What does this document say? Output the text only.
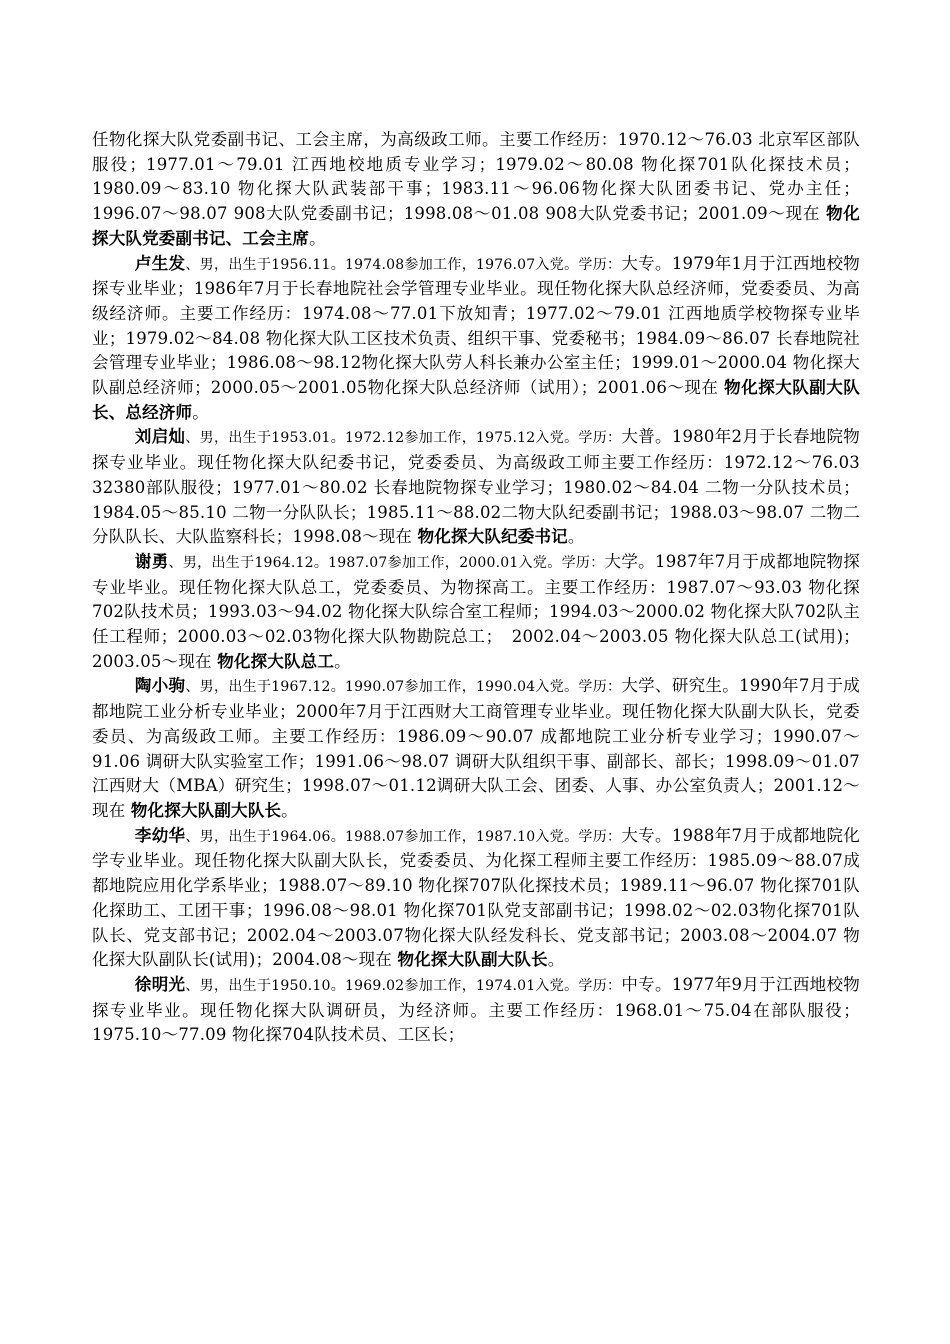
任物化探大队党委副书记、工会主席，为高级政工师。主要工作经历：1970.12～76.03 北京军区部队服役；1977.01～79.01 江西地校地质专业学习；1979.02～80.08 物化探701队化探技术员；1980.09～83.10 物化探大队武装部干事；1983.11～96.06物化探大队团委书记、党办主任；1996.07～98.07 908大队党委副书记；1998.08～01.08 908大队党委书记；2001.09～现在 物化探大队党委副书记、工会主席。

卢生发、男，出生于1956.11。1974.08参加工作，1976.07入党。学历：大专。1979年1月于江西地校物探专业毕业；1986年7月于长春地院社会学管理专业毕业。现任物化探大队总经济师，党委委员、为高级经济师。主要工作经历：1974.08～77.01下放知青；1977.02～79.01 江西地质学校物探专业毕业；1979.02～84.08 物化探大队工区技术负责、组织干事、党委秘书；1984.09～86.07 长春地院社会管理专业毕业；1986.08～98.12物化探大队劳人科长兼办公室主任；1999.01～2000.04 物化探大队副总经济师；2000.05～2001.05物化探大队总经济师（试用）；2001.06～现在 物化探大队副大队长、总经济师。

刘启灿、男，出生于1953.01。1972.12参加工作，1975.12入党。学历：大普。1980年2月于长春地院物探专业毕业。现任物化探大队纪委书记，党委委员、为高级政工师主要工作经历：1972.12～76.03 32380部队服役；1977.01～80.02 长春地院物探专业学习；1980.02～84.04 二物一分队技术员；1984.05～85.10 二物一分队队长；1985.11～88.02二物大队纪委副书记；1988.03～98.07 二物二分队队长、大队监察科长；1998.08～现在 物化探大队纪委书记。

谢勇、男，出生于1964.12。1987.07参加工作，2000.01入党。学历：大学。1987年7月于成都地院物探专业毕业。现任物化探大队总工，党委委员、为物探高工。主要工作经历：1987.07～93.03 物化探702队技术员；1993.03～94.02 物化探大队综合室工程师；1994.03～2000.02 物化探大队702队主任工程师；2000.03～02.03物化探大队物勘院总工；　2002.04～2003.05 物化探大队总工(试用)；2003.05～现在 物化探大队总工。

陶小驹、男，出生于1967.12。1990.07参加工作，1990.04入党。学历：大学、研究生。1990年7月于成都地院工业分析专业毕业；2000年7月于江西财大工商管理专业毕业。现任物化探大队副大队长，党委委员、为高级政工师。主要工作经历：1986.09～90.07 成都地院工业分析专业学习；1990.07～91.06 调研大队实验室工作；1991.06～98.07 调研大队组织干事、副部长、部长；1998.09～01.07 江西财大（MBA）研究生；1998.07～01.12调研大队工会、团委、人事、办公室负责人；2001.12～现在 物化探大队副大队长。

李幼华、男，出生于1964.06。1988.07参加工作，1987.10入党。学历：大专。1988年7月于成都地院化学专业毕业。现任物化探大队副大队长，党委委员、为化探工程师主要工作经历：1985.09～88.07成都地院应用化学系毕业；1988.07～89.10 物化探707队化探技术员；1989.11～96.07 物化探701队化探助工、工团干事；1996.08～98.01 物化探701队党支部副书记；1998.02～02.03物化探701队队长、党支部书记；2002.04～2003.07物化探大队经发科长、党支部书记；2003.08～2004.07 物化探大队副队长(试用)；2004.08～现在 物化探大队副大队长。

徐明光、男，出生于1950.10。1969.02参加工作，1974.01入党。学历：中专。1977年9月于江西地校物探专业毕业。现任物化探大队调研员，为经济师。主要工作经历：1968.01～75.04在部队服役；1975.10～77.09 物化探704队技术员、工区长；
